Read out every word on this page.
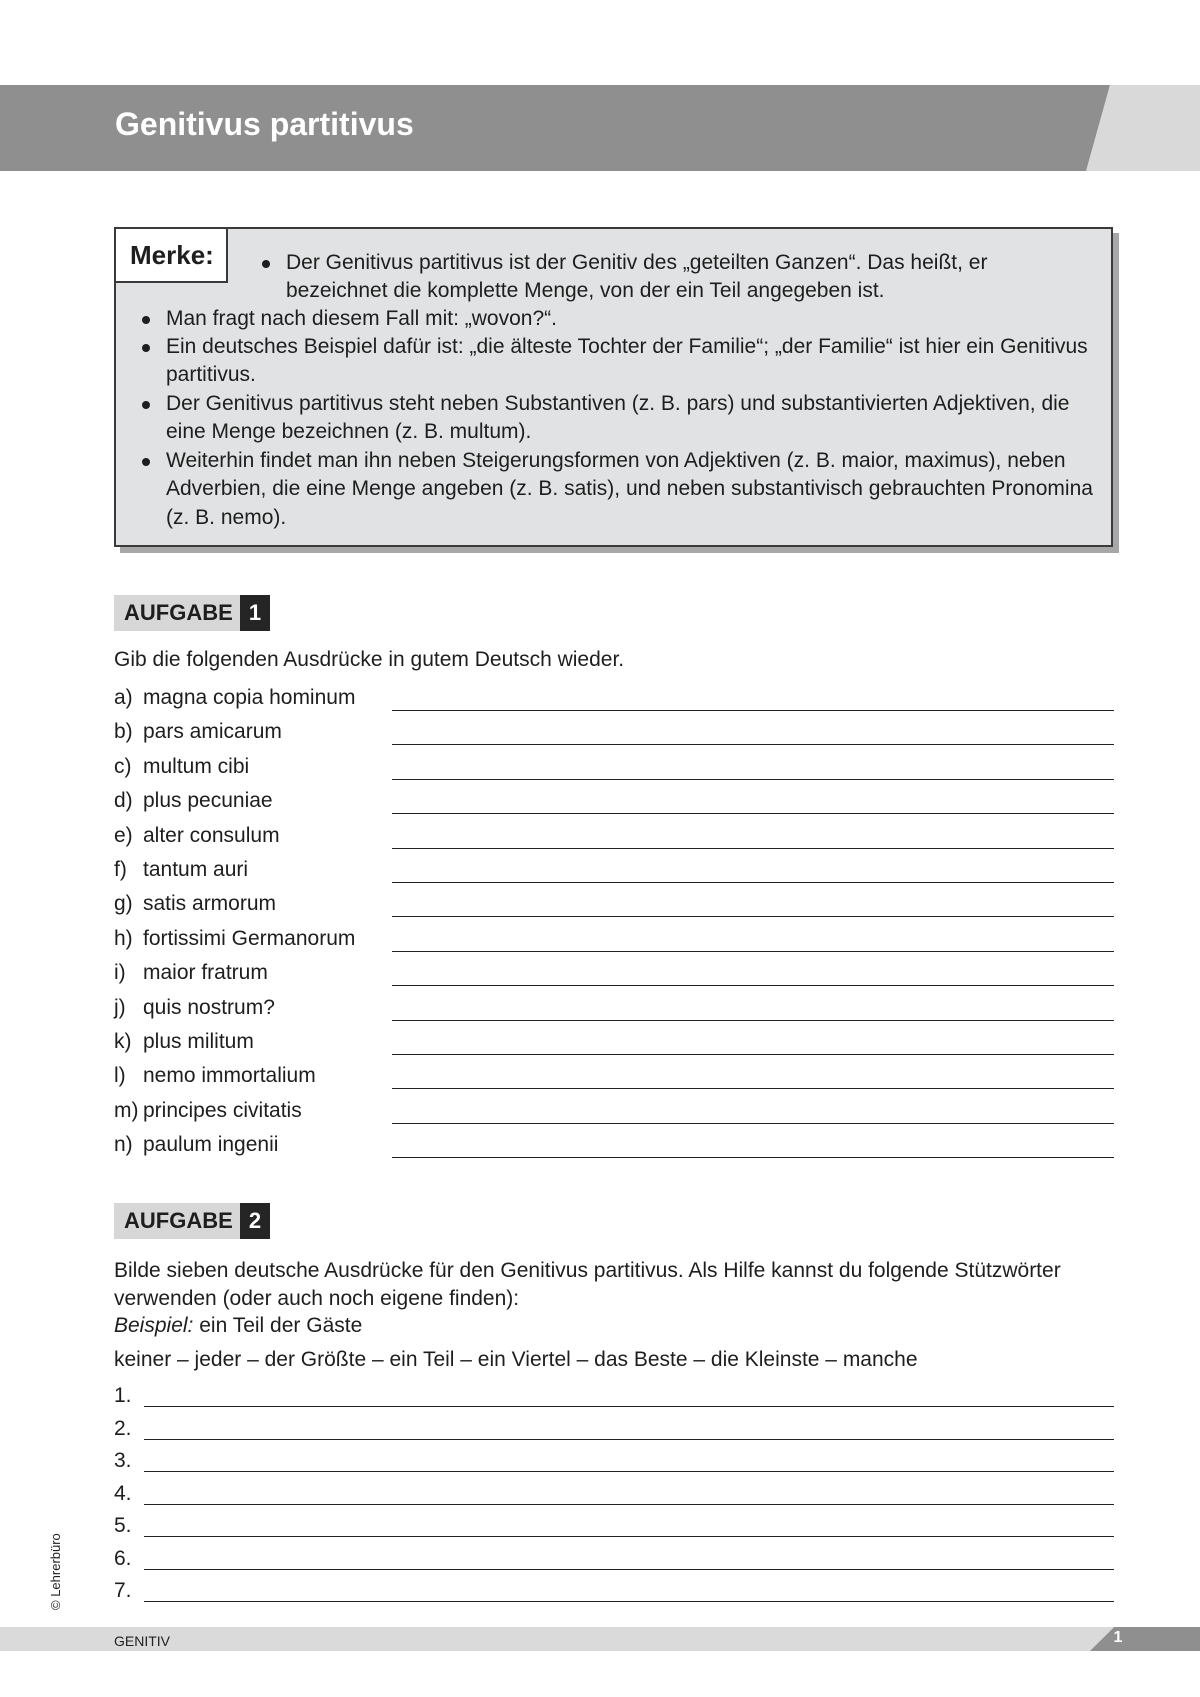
Genitivus partitivus
Merke:	Der Genitivus partitivus ist der Genitiv des „geteilten Ganzen“. Das heißt, er bezeichnet die komplette Menge, von der ein Teil angegeben ist.
Man fragt nach diesem Fall mit: „wovon?“.
Ein deutsches Beispiel dafür ist: „die älteste Tochter der Familie“; „der Familie“ ist hier ein Genitivus partitivus.
Der Genitivus partitivus steht neben Substantiven (z. B. pars) und substantivierten Adjektiven, die eine Menge bezeichnen (z. B. multum).
Weiterhin findet man ihn neben Steigerungsformen von Adjektiven (z. B. maior, maximus), neben Adverbien, die eine Menge angeben (z. B. satis), und neben substantivisch gebrauchten Pronomina (z. B. nemo).
AUFGABE 1

Gib die folgenden Ausdrücke in gutem Deutsch wieder.

a) magna copia hominum
b) pars amicarum
c) multum cibi
d) plus pecuniae
e) alter consulum
f) tantum auri
g) satis armorum
h) fortissimi Germanorum
i) maior fratrum
j) quis nostrum?
k) plus militum
l) nemo immortalium
m) principes civitatis
n) paulum ingenii
AUFGABE 2

Bilde sieben deutsche Ausdrücke für den Genitivus partitivus. Als Hilfe kannst du folgende Stützwörter verwenden (oder auch noch eigene finden):

Beispiel: ein Teil der Gäste

keiner – jeder – der Größte – ein Teil – ein Viertel – das Beste – die Kleinste – manche

1.
2.
3.
4.
5.
6.
7.
© Lehrerbüro
GENITIV	1
